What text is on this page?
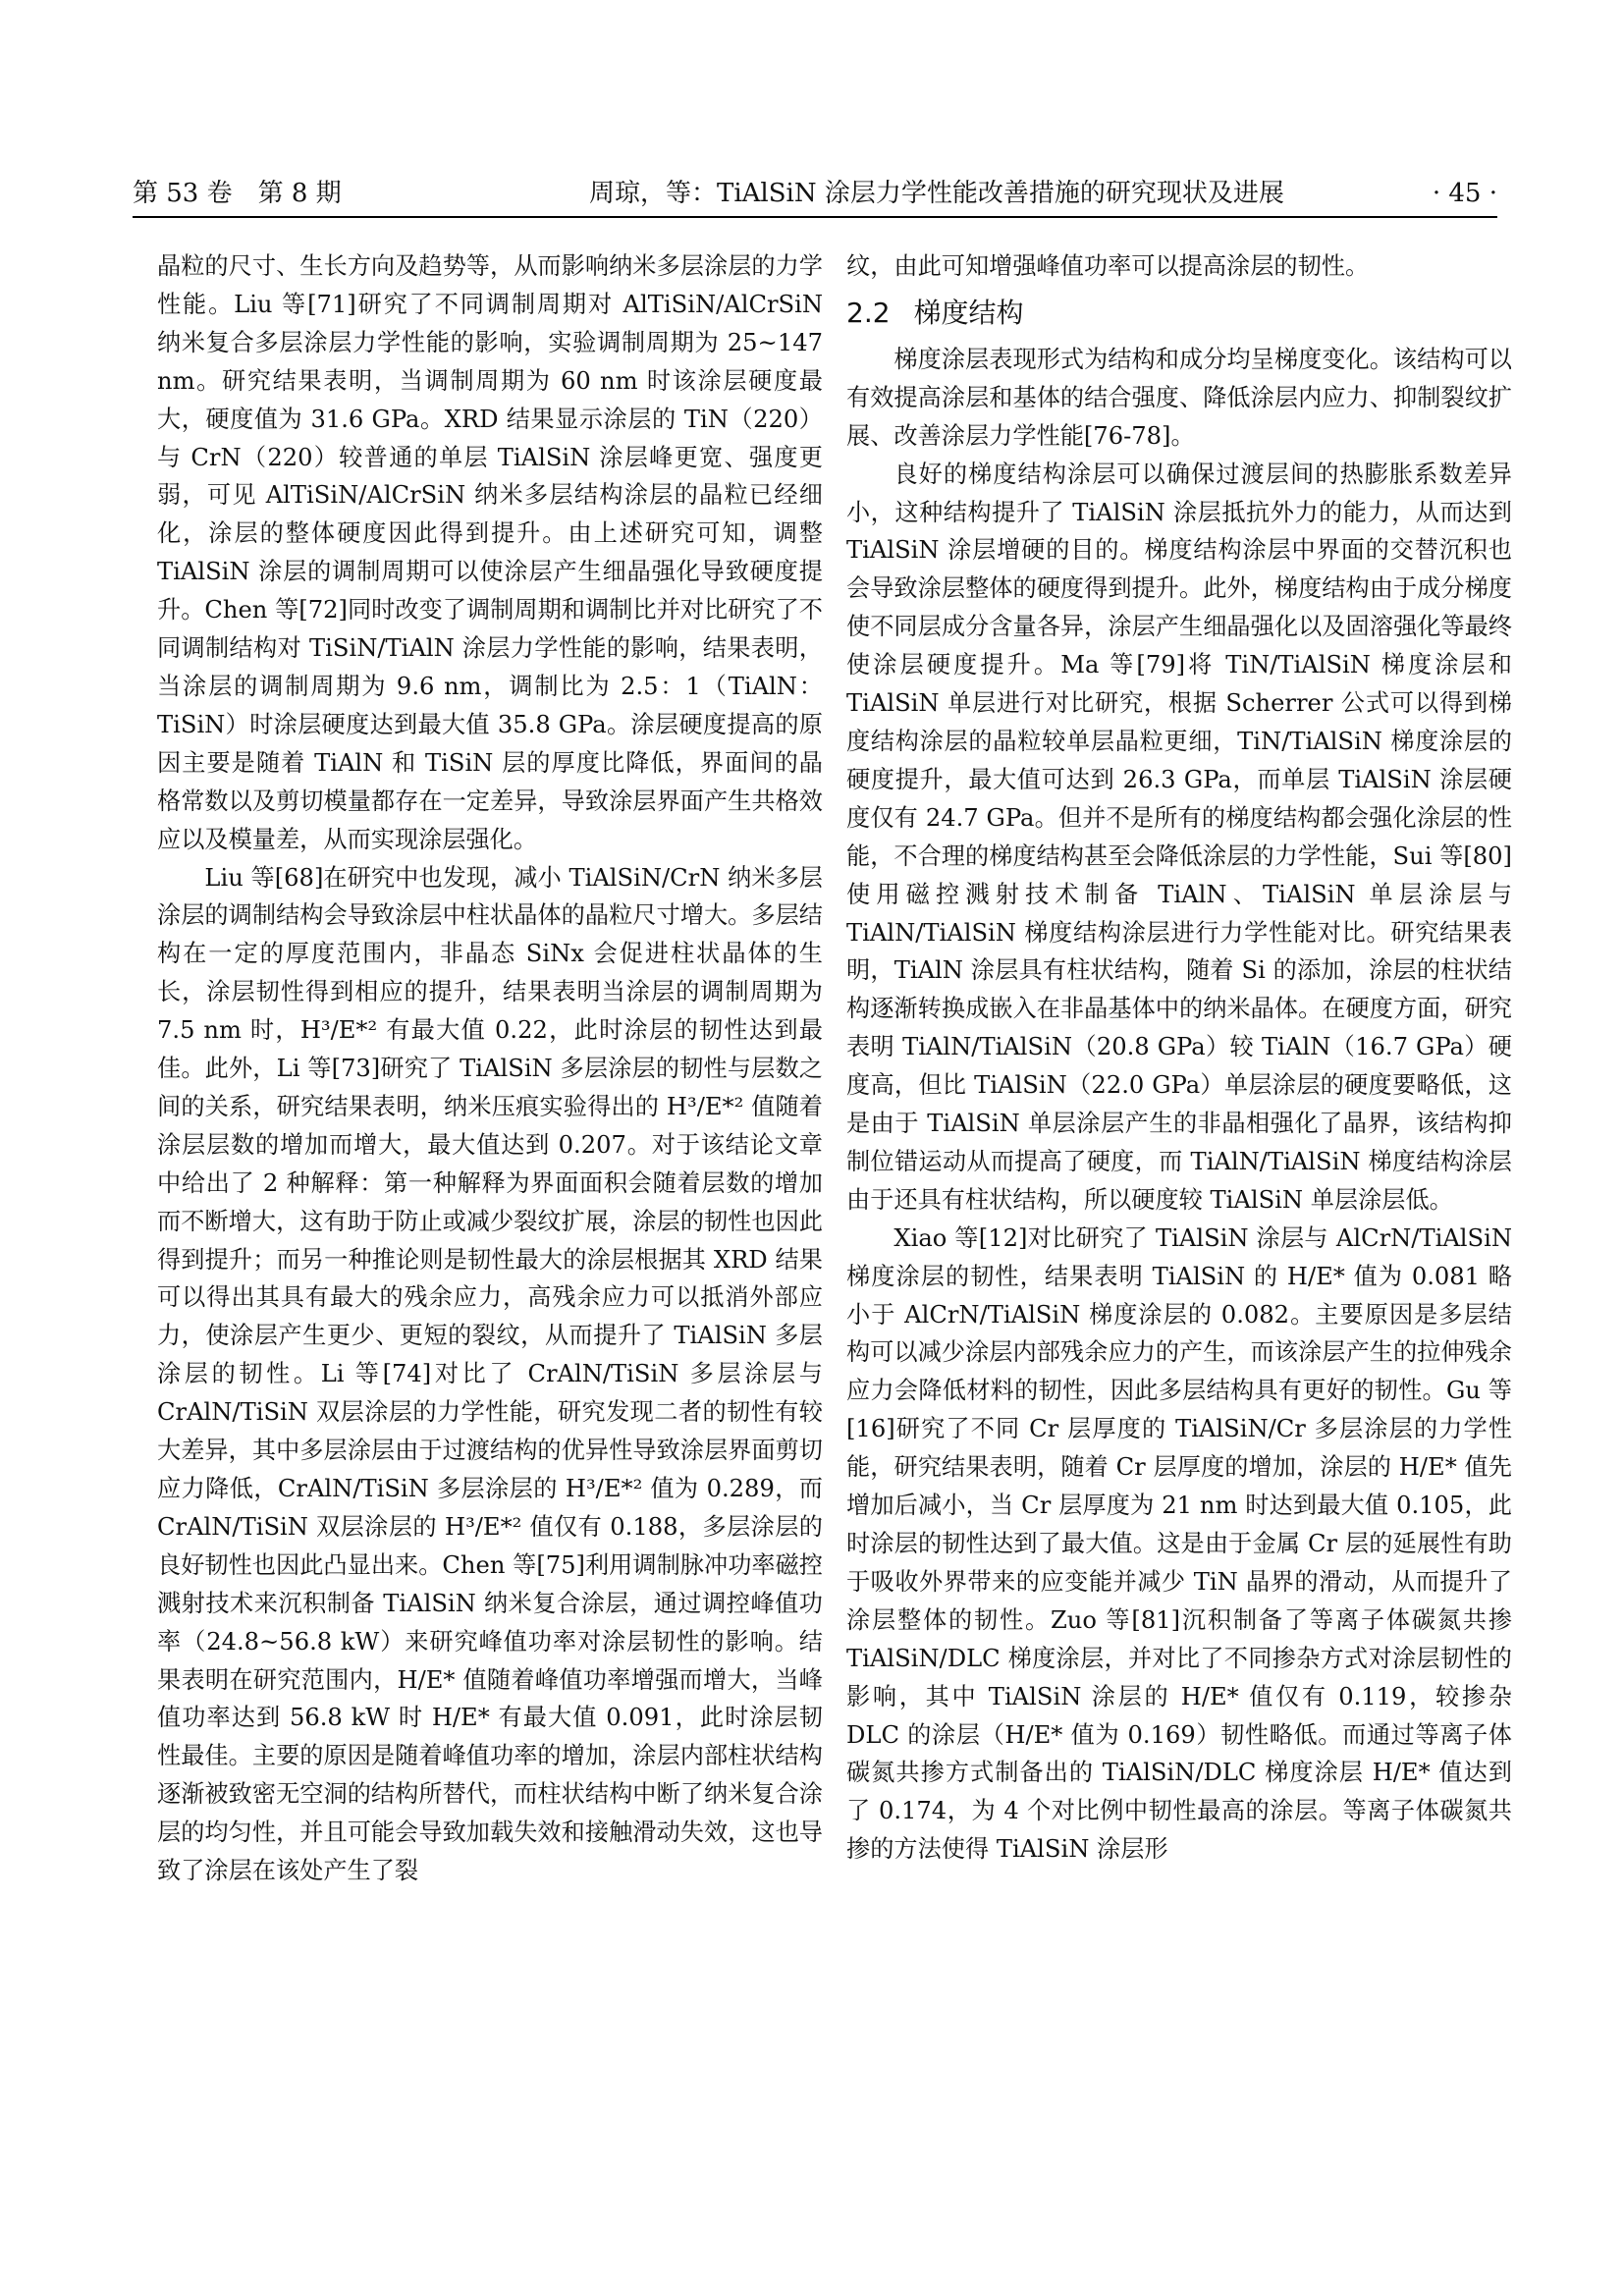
第 53 卷　第 8 期	周琼，等：TiAlSiN 涂层力学性能改善措施的研究现状及进展	· 45 ·

晶粒的尺寸、生长方向及趋势等，从而影响纳米多层涂层的力学性能。Liu 等[71]研究了不同调制周期对 AlTiSiN/AlCrSiN 纳米复合多层涂层力学性能的影响，实验调制周期为 25~147 nm。研究结果表明，当调制周期为 60 nm 时该涂层硬度最大，硬度值为 31.6 GPa。XRD 结果显示涂层的 TiN（220）与 CrN（220）较普通的单层 TiAlSiN 涂层峰更宽、强度更弱，可见 AlTiSiN/AlCrSiN 纳米多层结构涂层的晶粒已经细化，涂层的整体硬度因此得到提升。由上述研究可知，调整 TiAlSiN 涂层的调制周期可以使涂层产生细晶强化导致硬度提升。Chen 等[72]同时改变了调制周期和调制比并对比研究了不同调制结构对 TiSiN/TiAlN 涂层力学性能的影响，结果表明，当涂层的调制周期为 9.6 nm，调制比为 2.5：1（TiAlN：TiSiN）时涂层硬度达到最大值 35.8 GPa。涂层硬度提高的原因主要是随着 TiAlN 和 TiSiN 层的厚度比降低，界面间的晶格常数以及剪切模量都存在一定差异，导致涂层界面产生共格效应以及模量差，从而实现涂层强化。

Liu 等[68]在研究中也发现，减小 TiAlSiN/CrN 纳米多层涂层的调制结构会导致涂层中柱状晶体的晶粒尺寸增大。多层结构在一定的厚度范围内，非晶态 SiNx 会促进柱状晶体的生长，涂层韧性得到相应的提升，结果表明当涂层的调制周期为 7.5 nm 时，H³/E*² 有最大值 0.22，此时涂层的韧性达到最佳。此外，Li 等[73]研究了 TiAlSiN 多层涂层的韧性与层数之间的关系，研究结果表明，纳米压痕实验得出的 H³/E*² 值随着涂层层数的增加而增大，最大值达到 0.207。对于该结论文章中给出了 2 种解释：第一种解释为界面面积会随着层数的增加而不断增大，这有助于防止或减少裂纹扩展，涂层的韧性也因此得到提升；而另一种推论则是韧性最大的涂层根据其 XRD 结果可以得出其具有最大的残余应力，高残余应力可以抵消外部应力，使涂层产生更少、更短的裂纹，从而提升了 TiAlSiN 多层涂层的韧性。Li 等[74]对比了 CrAlN/TiSiN 多层涂层与 CrAlN/TiSiN 双层涂层的力学性能，研究发现二者的韧性有较大差异，其中多层涂层由于过渡结构的优异性导致涂层界面剪切应力降低，CrAlN/TiSiN 多层涂层的 H³/E*² 值为 0.289，而 CrAlN/TiSiN 双层涂层的 H³/E*² 值仅有 0.188，多层涂层的良好韧性也因此凸显出来。Chen 等[75]利用调制脉冲功率磁控溅射技术来沉积制备 TiAlSiN 纳米复合涂层，通过调控峰值功率（24.8~56.8 kW）来研究峰值功率对涂层韧性的影响。结果表明在研究范围内，H/E* 值随着峰值功率增强而增大，当峰值功率达到 56.8 kW 时 H/E* 有最大值 0.091，此时涂层韧性最佳。主要的原因是随着峰值功率的增加，涂层内部柱状结构逐渐被致密无空洞的结构所替代，而柱状结构中断了纳米复合涂层的均匀性，并且可能会导致加载失效和接触滑动失效，这也导致了涂层在该处产生了裂

纹，由此可知增强峰值功率可以提高涂层的韧性。

2.2 梯度结构

梯度涂层表现形式为结构和成分均呈梯度变化。该结构可以有效提高涂层和基体的结合强度、降低涂层内应力、抑制裂纹扩展、改善涂层力学性能[76-78]。

良好的梯度结构涂层可以确保过渡层间的热膨胀系数差异小，这种结构提升了 TiAlSiN 涂层抵抗外力的能力，从而达到 TiAlSiN 涂层增硬的目的。梯度结构涂层中界面的交替沉积也会导致涂层整体的硬度得到提升。此外，梯度结构由于成分梯度使不同层成分含量各异，涂层产生细晶强化以及固溶强化等最终使涂层硬度提升。Ma 等[79]将 TiN/TiAlSiN 梯度涂层和 TiAlSiN 单层进行对比研究，根据 Scherrer 公式可以得到梯度结构涂层的晶粒较单层晶粒更细，TiN/TiAlSiN 梯度涂层的硬度提升，最大值可达到 26.3 GPa，而单层 TiAlSiN 涂层硬度仅有 24.7 GPa。但并不是所有的梯度结构都会强化涂层的性能，不合理的梯度结构甚至会降低涂层的力学性能，Sui 等[80]使用磁控溅射技术制备 TiAlN、TiAlSiN 单层涂层与 TiAlN/TiAlSiN 梯度结构涂层进行力学性能对比。研究结果表明，TiAlN 涂层具有柱状结构，随着 Si 的添加，涂层的柱状结构逐渐转换成嵌入在非晶基体中的纳米晶体。在硬度方面，研究表明 TiAlN/TiAlSiN（20.8 GPa）较 TiAlN（16.7 GPa）硬度高，但比 TiAlSiN（22.0 GPa）单层涂层的硬度要略低，这是由于 TiAlSiN 单层涂层产生的非晶相强化了晶界，该结构抑制位错运动从而提高了硬度，而 TiAlN/TiAlSiN 梯度结构涂层由于还具有柱状结构，所以硬度较 TiAlSiN 单层涂层低。

Xiao 等[12]对比研究了 TiAlSiN 涂层与 AlCrN/TiAlSiN 梯度涂层的韧性，结果表明 TiAlSiN 的 H/E* 值为 0.081 略小于 AlCrN/TiAlSiN 梯度涂层的 0.082。主要原因是多层结构可以减少涂层内部残余应力的产生，而该涂层产生的拉伸残余应力会降低材料的韧性，因此多层结构具有更好的韧性。Gu 等[16]研究了不同 Cr 层厚度的 TiAlSiN/Cr 多层涂层的力学性能，研究结果表明，随着 Cr 层厚度的增加，涂层的 H/E* 值先增加后减小，当 Cr 层厚度为 21 nm 时达到最大值 0.105，此时涂层的韧性达到了最大值。这是由于金属 Cr 层的延展性有助于吸收外界带来的应变能并减少 TiN 晶界的滑动，从而提升了涂层整体的韧性。Zuo 等[81]沉积制备了等离子体碳氮共掺 TiAlSiN/DLC 梯度涂层，并对比了不同掺杂方式对涂层韧性的影响，其中 TiAlSiN 涂层的 H/E* 值仅有 0.119，较掺杂 DLC 的涂层（H/E* 值为 0.169）韧性略低。而通过等离子体碳氮共掺方式制备出的 TiAlSiN/DLC 梯度涂层 H/E* 值达到了 0.174，为 4 个对比例中韧性最高的涂层。等离子体碳氮共掺的方法使得 TiAlSiN 涂层形
